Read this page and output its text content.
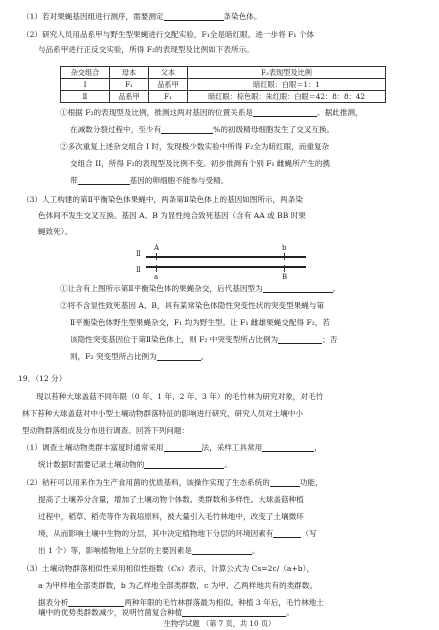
（1）若对果蝇基因组进行测序，需要测定	条染色体。
（2）研究人员用品系甲与野生型果蝇进行交配实验，F₁全是暗红眼。进一步将 F₁ 个体
与品系甲进行正反交实验，所得 F₂的表现型及比例如下表所示。
杂交组合	母本	父本	F₂表现型及比例
Ⅰ	F₁	品系甲	暗红眼：白眼＝1：1
Ⅱ	品系甲	F₁	暗红眼：棕色眼：朱红眼：白眼＝42：8：8：42
①根据 F₂的表现型及比例，推测这两对基因的位置关系是	。据此推测，
在减数分裂过程中，至少有	%的初级精母细胞发生了交叉互换。
②多次重复上述杂交组合 I 时，发现极少数实验中所得 F₂全为暗红眼，而重复杂
交组合 II，所得 F₂的表现型及比例不变。初步推测有个别 F₁ 雌蝇所产生的携
带	基因的卵细胞不能参与受精。
（3）人工构建的第Ⅱ平衡染色体果蝇中，两条第Ⅱ染色体上的基因如图所示，两条染
色体间不发生交叉互换。基因 A、B 为显性纯合致死基因（含有 AA 或 BB 时果
蝇致死）。
Ⅱ
Ⅱ
A	b
a	B
①让含有上图所示第Ⅱ平衡染色体的果蝇杂交，后代基因型为	。
②将不含显性致死基因 A、B，具有某常染色体隐性突变性状的突变型果蝇与第
Ⅱ平衡染色体野生型果蝇杂交，F₁ 均为野生型。让 F₁ 雌雄果蝇交配得 F₂，若
该隐性突变基因位于第Ⅱ染色体上，则 F₂ 中突变型所占比例为	；否
则，F₂ 突变型所占比例为	。
19．（12 分）
现以苔种大球盖菇不同年限（0 年、1 年、2 年、3 年）的毛竹林为研究对象，对毛竹
林下苔种大球盖菇对中小型土壤动物群落特征的影响进行研究，研究人员对土壤中小
型动物群落组成及分布进行调查。回答下列问题：
（1）调查土壤动物类群丰富度时通常采用	法，采样工具常用	，
统计数据时需要记录土壤动物的	。
（2）秸秆可以用来作为生产食用菌的优质基料，该操作实现了生态系统的	功能，
提高了土壤养分含量，增加了土壤动物个体数、类群数和多样性。大球盖菇种植
过程中，稻草、稻壳等作为栽培原料，被大量引入毛竹林地中，改变了土壤微环
境，从而影响土壤中生物的分层，其中决定植物地下分层的环境因素有	（写
出 1 个）等，影响植物地上分层的主要因素是	。
（3）土壤动物群落相似性采用相似性指数（Cs）表示，计算公式为 Cs=2c/（a+b），
a 为甲样地全部类群数，b 为乙样地全部类群数，c 为甲、乙两样地共有的类群数。
据表分析	两种年限的毛竹林群落最为相似。种植 3 年后，毛竹林地土
生物学试题 （第 7 页，共 10 页）
壤中的优势类群数减少，说明竹菌复合种植	。
